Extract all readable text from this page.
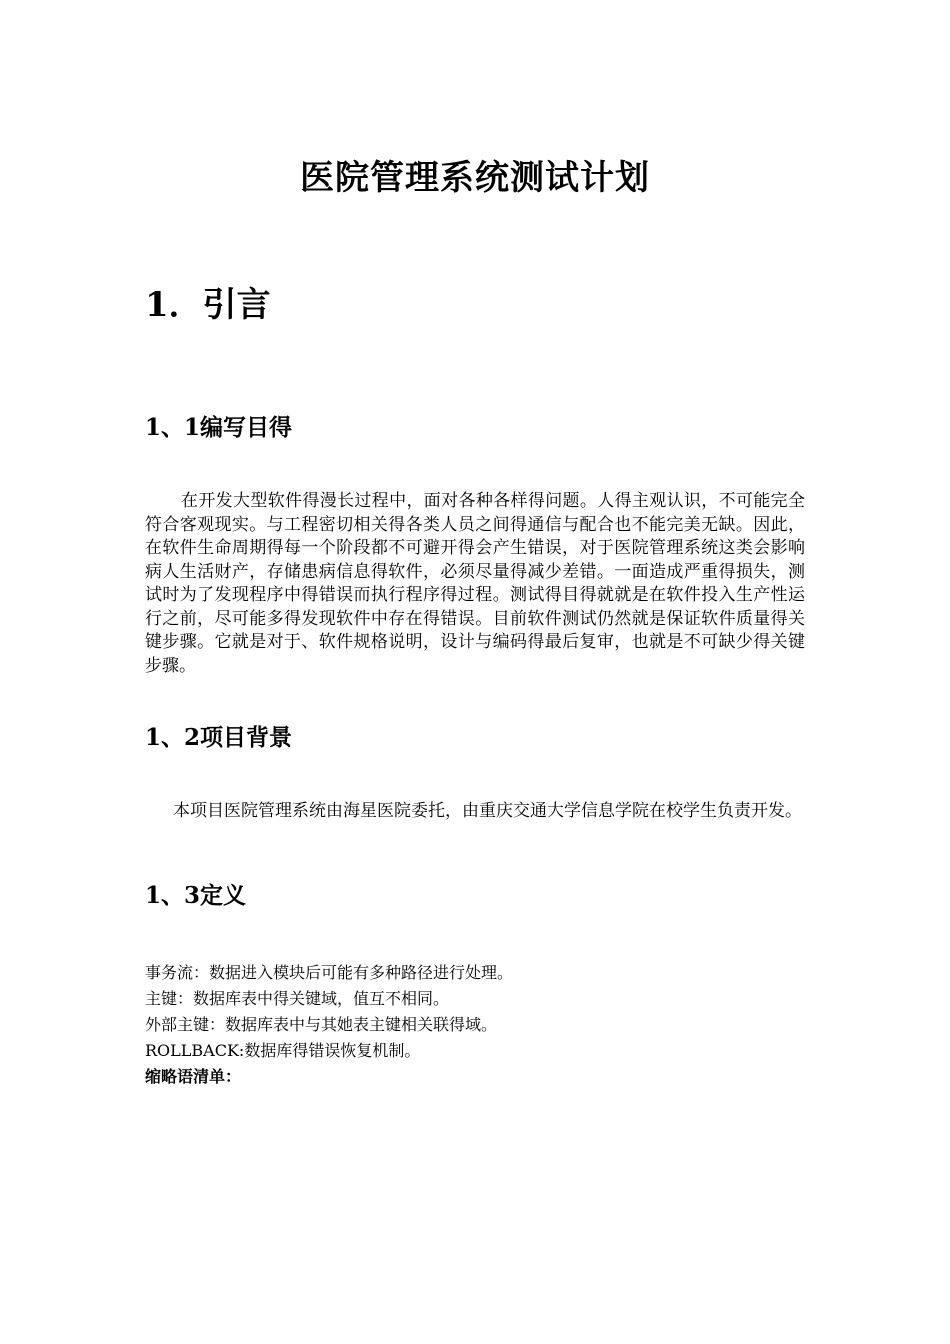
医院管理系统测试计划
1．引言
1、1编写目得
在开发大型软件得漫长过程中，面对各种各样得问题。人得主观认识，不可能完全符合客观现实。与工程密切相关得各类人员之间得通信与配合也不能完美无缺。因此，在软件生命周期得每一个阶段都不可避开得会产生错误，对于医院管理系统这类会影响病人生活财产，存储患病信息得软件，必须尽量得减少差错。一面造成严重得损失，测试时为了发现程序中得错误而执行程序得过程。测试得目得就就是在软件投入生产性运行之前，尽可能多得发现软件中存在得错误。目前软件测试仍然就是保证软件质量得关键步骤。它就是对于、软件规格说明，设计与编码得最后复审，也就是不可缺少得关键步骤。
1、2项目背景
本项目医院管理系统由海星医院委托，由重庆交通大学信息学院在校学生负责开发。
1、3定义
事务流：数据进入模块后可能有多种路径进行处理。
主键：数据库表中得关键域，值互不相同。
外部主键：数据库表中与其她表主键相关联得域。
ROLLBACK:数据库得错误恢复机制。
缩略语清单：
